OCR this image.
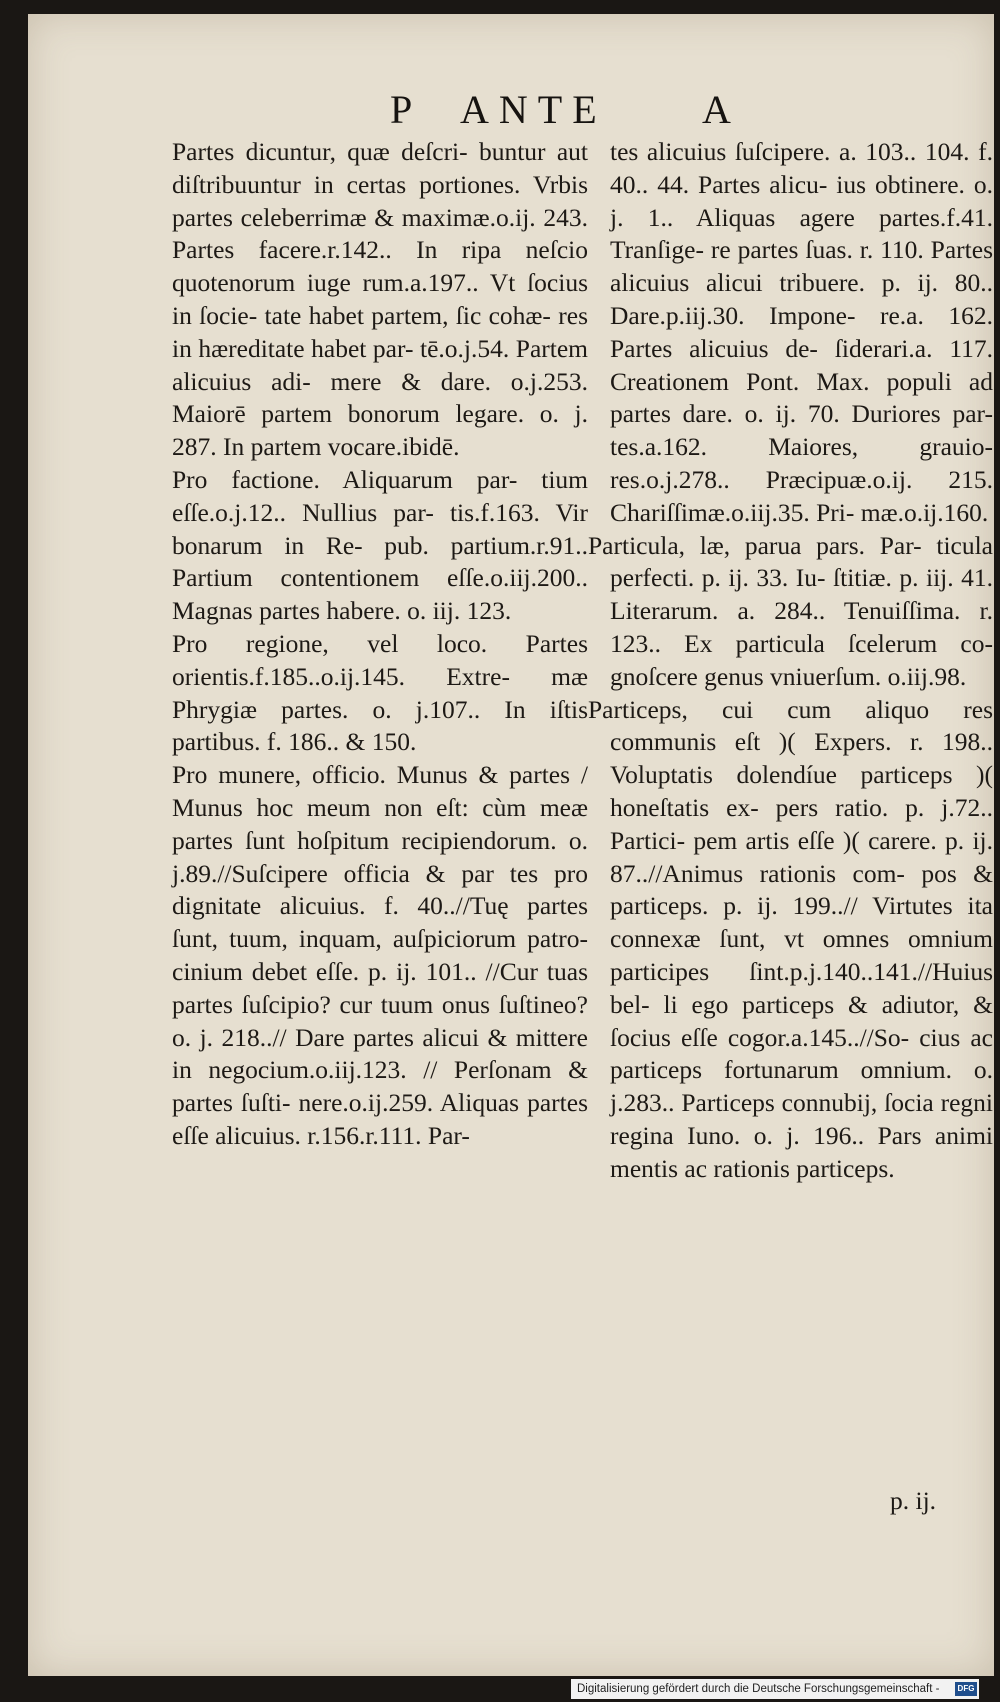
P ANTE A

Partes dicuntur, quæ deſcri- buntur aut diſtribuuntur in certas portiones. Vrbis partes celeberrimæ & maximæ.o.ij. 243. Partes facere.r.142.. In ripa neſcio quotenorum iuge rum.a.197.. Vt ſocius in ſocie- tate habet partem, ſic cohæ- res in hæreditate habet par- tē.o.j.54. Partem alicuius adi- mere & dare. o.j.253. Maiorē partem bonorum legare. o. j. 287. In partem vocare.ibidē.

Pro factione. Aliquarum par- tium eſſe.o.j.12.. Nullius par- tis.f.163. Vir bonarum in Re- pub. partium.r.91.. Partium contentionem eſſe.o.iij.200.. Magnas partes habere. o. iij. 123.

Pro regione, vel loco. Partes orientis.f.185..o.ij.145. Extre- mæ Phrygiæ partes. o. j.107.. In iſtis partibus. f. 186.. & 150.

Pro munere, officio. Munus & partes / Munus hoc meum non eſt: cùm meæ partes ſunt hoſpitum recipiendorum. o. j.89.//Suſcipere officia & par tes pro dignitate alicuius. f. 40..//Tuę partes ſunt, tuum, inquam, auſpiciorum patro- cinium debet eſſe. p. ij. 101.. //Cur tuas partes ſuſcipio? cur tuum onus ſuſtineo? o. j. 218..// Dare partes alicui & mittere in negocium.o.iij.123. // Perſonam & partes ſuſti- nere.o.ij.259. Aliquas partes eſſe alicuius. r.156.r.111. Par-

tes alicuius ſuſcipere. a. 103.. 104. f. 40.. 44. Partes alicu- ius obtinere. o. j. 1.. Aliquas agere partes.f.41. Tranſige- re partes ſuas. r. 110. Partes alicuius alicui tribuere. p. ij. 80.. Dare.p.iij.30. Impone- re.a. 162. Partes alicuius de- ſiderari.a. 117. Creationem Pont. Max. populi ad partes dare. o. ij. 70. Duriores par- tes.a.162. Maiores, grauio- res.o.j.278.. Præcipuæ.o.ij. 215. Chariſſimæ.o.iij.35. Pri- mæ.o.ij.160.

Particula, læ, parua pars. Par- ticula perfecti. p. ij. 33. Iu- ſtitiæ. p. iij. 41. Literarum. a. 284.. Tenuiſſima. r. 123.. Ex particula ſcelerum co- gnoſcere genus vniuerſum. o.iij.98.

Particeps, cui cum aliquo res communis eſt )( Expers. r. 198.. Voluptatis dolendíue particeps )( honeſtatis ex- pers ratio. p. j.72.. Partici- pem artis eſſe )( carere. p. ij. 87..//Animus rationis com- pos & particeps. p. ij. 199..// Virtutes ita connexæ ſunt, vt omnes omnium participes ſint.p.j.140..141.//Huius bel- li ego particeps & adiutor, & ſocius eſſe cogor.a.145..//So- cius ac particeps fortunarum omnium. o. j.283.. Particeps connubij, ſocia regni regina Iuno. o. j. 196.. Pars animi mentis ac rationis particeps.

p. ij.
Digitalisierung gefördert durch die Deutsche Forschungsgemeinschaft -	DFG
